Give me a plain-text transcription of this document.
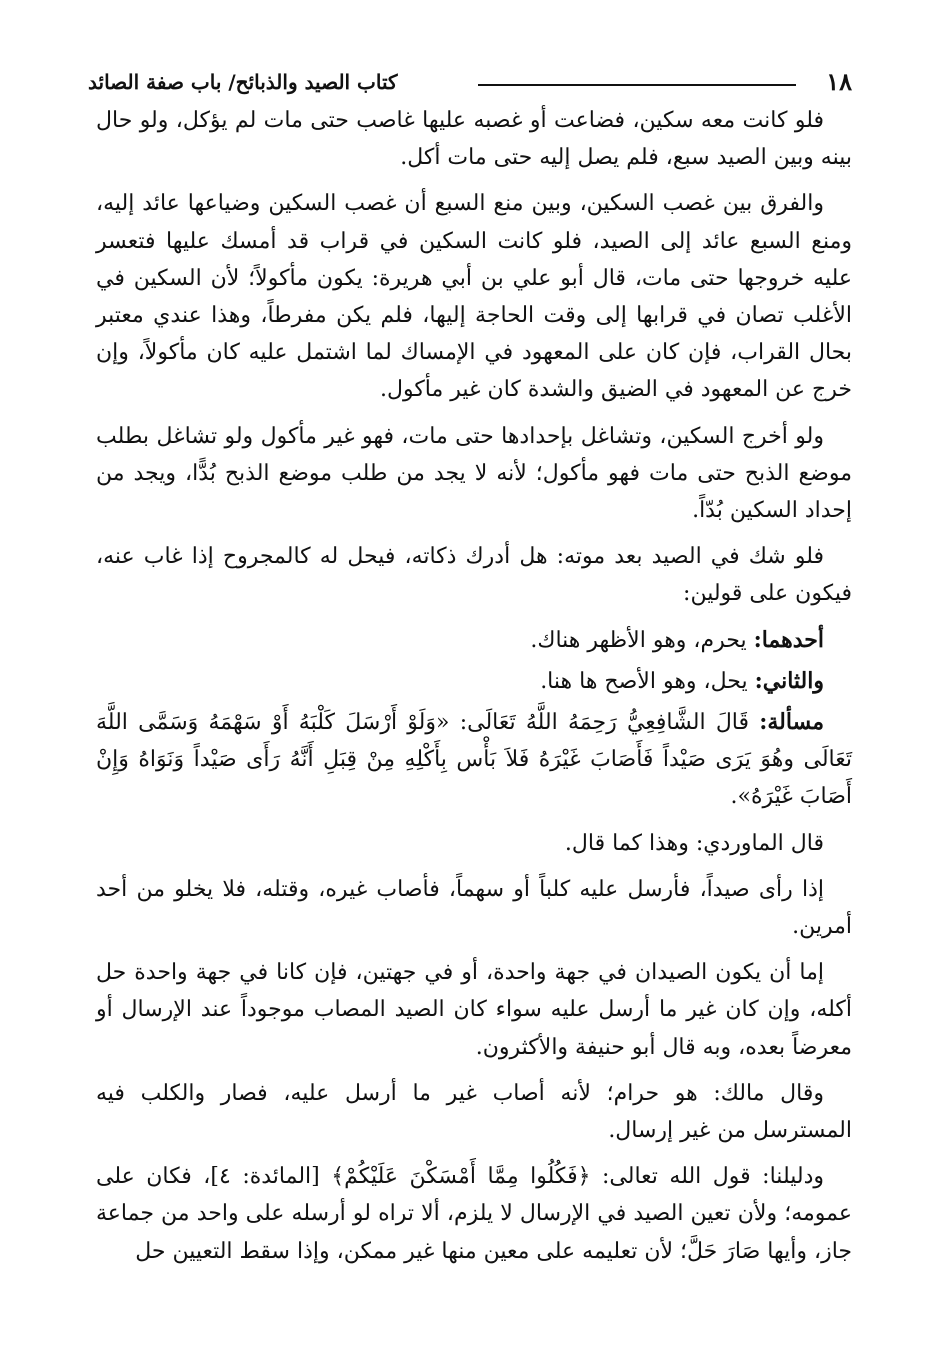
١٨
كتاب الصيد والذبائح/ باب صفة الصائد

فلو كانت معه سكين، فضاعت أو غصبه عليها غاصب حتى مات لم يؤكل، ولو حال بينه وبين الصيد سبع، فلم يصل إليه حتى مات أكل.

والفرق بين غصب السكين، وبين منع السبع أن غصب السكين وضياعها عائد إليه، ومنع السبع عائد إلى الصيد، فلو كانت السكين في قراب قد أمسك عليها فتعسر عليه خروجها حتى مات، قال أبو علي بن أبي هريرة: يكون مأكولاً؛ لأن السكين في الأغلب تصان في قرابها إلى وقت الحاجة إليها، فلم يكن مفرطاً، وهذا عندي معتبر بحال القراب، فإن كان على المعهود في الإمساك لما اشتمل عليه كان مأكولاً، وإن خرج عن المعهود في الضيق والشدة كان غير مأكول.

ولو أخرج السكين، وتشاغل بإحدادها حتى مات، فهو غير مأكول ولو تشاغل بطلب موضع الذبح حتى مات فهو مأكول؛ لأنه لا يجد من طلب موضع الذبح بُدًّا، ويجد من إحداد السكين بُدّاً.

فلو شك في الصيد بعد موته: هل أدرك ذكاته، فيحل له كالمجروح إذا غاب عنه، فيكون على قولين:

أحدهما: يحرم، وهو الأظهر هناك.

والثاني: يحل، وهو الأصح ها هنا.

مسألة: قَالَ الشَّافِعِيُّ رَحِمَهُ اللَّهُ تَعَالَى: «وَلَوْ أَرْسَلَ كَلْبَهُ أَوْ سَهْمَهُ وَسَمَّى اللَّهَ تَعَالَى وهُوَ يَرَى صَيْداً فَأَصَابَ غَيْرَهُ فَلاَ بَأْس بِأَكْلِهِ مِنْ قِبَلِ أَنَّهُ رَأَى صَيْداً وَنَوَاهُ وَإِنْ أَصَابَ غَيْرَهُ».

قال الماوردي: وهذا كما قال.

إذا رأى صيداً، فأرسل عليه كلباً أو سهماً، فأصاب غيره، وقتله، فلا يخلو من أحد أمرين.

إما أن يكون الصيدان في جهة واحدة، أو في جهتين، فإن كانا في جهة واحدة حل أكله، وإن كان غير ما أرسل عليه سواء كان الصيد المصاب موجوداً عند الإرسال أو معرضاً بعده، وبه قال أبو حنيفة والأكثرون.

وقال مالك: هو حرام؛ لأنه أصاب غير ما أرسل عليه، فصار والكلب فيه المسترسل من غير إرسال.

ودليلنا: قول الله تعالى: ﴿فَكُلُوا مِمَّا أَمْسَكْنَ عَلَيْكُمْ﴾ [المائدة: ٤]، فكان على عمومه؛ ولأن تعين الصيد في الإرسال لا يلزم، ألا تراه لو أرسله على واحد من جماعة جاز، وأيها صَارَ حَلَّ؛ لأن تعليمه على معين منها غير ممكن، وإذا سقط التعيين حل
